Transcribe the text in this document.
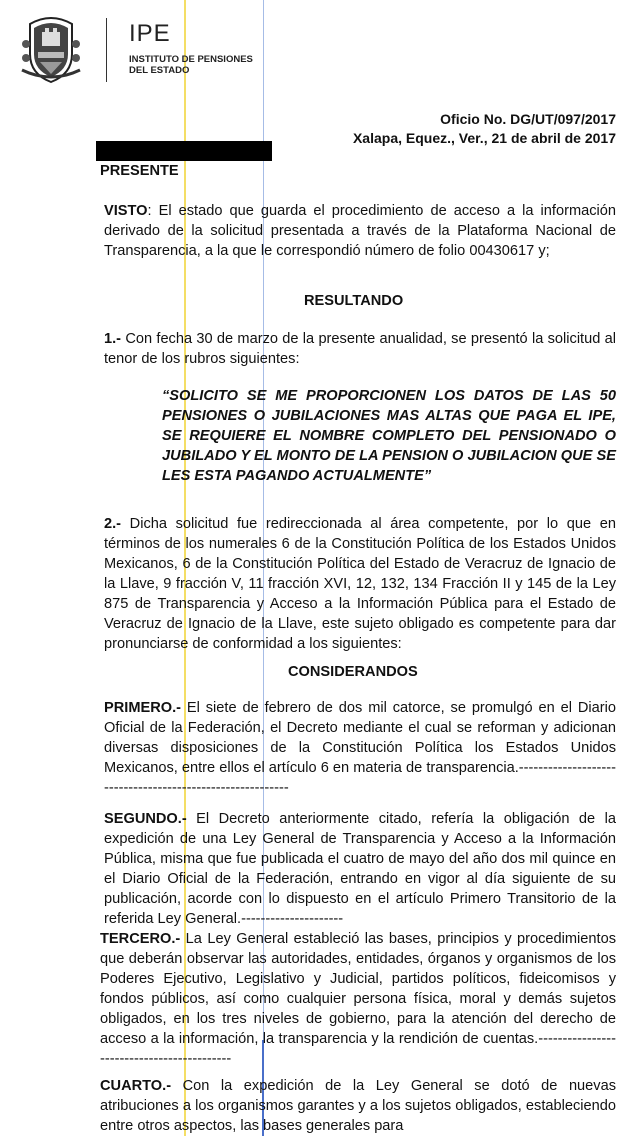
IPE
INSTITUTO DE PENSIONES DEL ESTADO
Oficio No. DG/UT/097/2017
Xalapa, Equez., Ver., 21 de abril de 2017
PRESENTE
VISTO: El estado que guarda el procedimiento de acceso a la información derivado de la solicitud presentada a través de la Plataforma Nacional de Transparencia, a la que le correspondió número de folio 00430617 y;
RESULTANDO
1.- Con fecha 30 de marzo de la presente anualidad, se presentó la solicitud al tenor de los rubros siguientes:
“SOLICITO SE ME PROPORCIONEN LOS DATOS DE LAS 50 PENSIONES O JUBILACIONES MAS ALTAS QUE PAGA EL IPE, SE REQUIERE EL NOMBRE COMPLETO DEL PENSIONADO O JUBILADO Y EL MONTO DE LA PENSION O JUBILACION QUE SE LES ESTA PAGANDO ACTUALMENTE”
2.- Dicha solicitud fue redireccionada al área competente, por lo que en términos de los numerales 6 de la Constitución Política de los Estados Unidos Mexicanos, 6 de la Constitución Política del Estado de Veracruz de Ignacio de la Llave, 9 fracción V, 11 fracción XVI, 12, 132, 134 Fracción II y 145 de la Ley 875 de Transparencia y Acceso a la Información Pública para el Estado de Veracruz de Ignacio de la Llave, este sujeto obligado es competente para dar pronunciarse de conformidad a los siguientes:
CONSIDERANDOS
PRIMERO.- El siete de febrero de dos mil catorce, se promulgó en el Diario Oficial de la Federación, el Decreto mediante el cual se reforman y adicionan diversas disposiciones de la Constitución Política los Estados Unidos Mexicanos, entre ellos el artículo 6 en materia de transparencia.----------------------------------------------------------
SEGUNDO.- El Decreto anteriormente citado, refería la obligación de la expedición de una Ley General de Transparencia y Acceso a la Información Pública, misma que fue publicada el cuatro de mayo del año dos mil quince en el Diario Oficial de la Federación, entrando en vigor al día siguiente de su publicación, acorde con lo dispuesto en el artículo Primero Transitorio de la referida Ley General.---------------------
TERCERO.- La Ley General estableció las bases, principios y procedimientos que deberán observar las autoridades, entidades, órganos y organismos de los Poderes Ejecutivo, Legislativo y Judicial, partidos políticos, fideicomisos y fondos públicos, así como cualquier persona física, moral y demás sujetos obligados, en los tres niveles de gobierno, para la atención del derecho de acceso a la información, la transparencia y la rendición de cuentas.-------------------------------------------
CUARTO.- Con la expedición de la Ley General se dotó de nuevas atribuciones a los organismos garantes y a los sujetos obligados, estableciendo entre otros aspectos, las bases generales para
